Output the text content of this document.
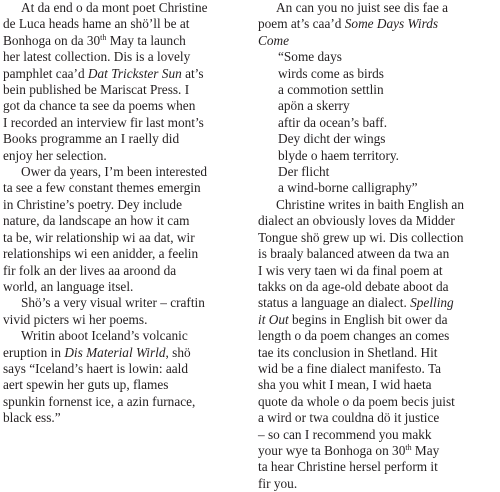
At da end o da mont poet Christine
de Luca heads hame an shö’ll be at
Bonhoga on da 30th May ta launch
her latest collection. Dis is a lovely
pamphlet caa’d Dat Trickster Sun at’s
bein published be Mariscat Press. I
got da chance ta see da poems when
I recorded an interview fir last mont’s
Books programme an I raelly did
enjoy her selection.
Ower da years, I’m been interested
ta see a few constant themes emergin
in Christine’s poetry. Dey include
nature, da landscape an how it cam
ta be, wir relationship wi aa dat, wir
relationships wi een anidder, a feelin
fir folk an der lives aa aroond da
world, an language itsel.
Shö’s a very visual writer – craftin
vivid picters wi her poems.
Writin aboot Iceland’s volcanic
eruption in Dis Material Wirld, shö
says “Iceland’s haert is lowin: aald
aert spewin her guts up, flames
spunkin fornenst ice, a azin furnace,
black ess.”
An can you no juist see dis fae a
poem at’s caa’d Some Days Wirds
Come
“Some days
wirds come as birds
a commotion settlin
apön a skerry
aftir da ocean’s baff.
Dey dicht der wings
blyde o haem territory.
Der flicht
a wind-borne calligraphy”
Christine writes in baith English an
dialect an obviously loves da Midder
Tongue shö grew up wi. Dis collection
is braaly balanced atween da twa an
I wis very taen wi da final poem at
takks on da age-old debate aboot da
status a language an dialect. Spelling
it Out begins in English bit ower da
length o da poem changes an comes
tae its conclusion in Shetland. Hit
wid be a fine dialect manifesto. Ta
sha you whit I mean, I wid haeta
quote da whole o da poem becis juist
a wird or twa couldna dö it justice
– so can I recommend you makk
your wye ta Bonhoga on 30th May
ta hear Christine hersel perform it
fir you.
